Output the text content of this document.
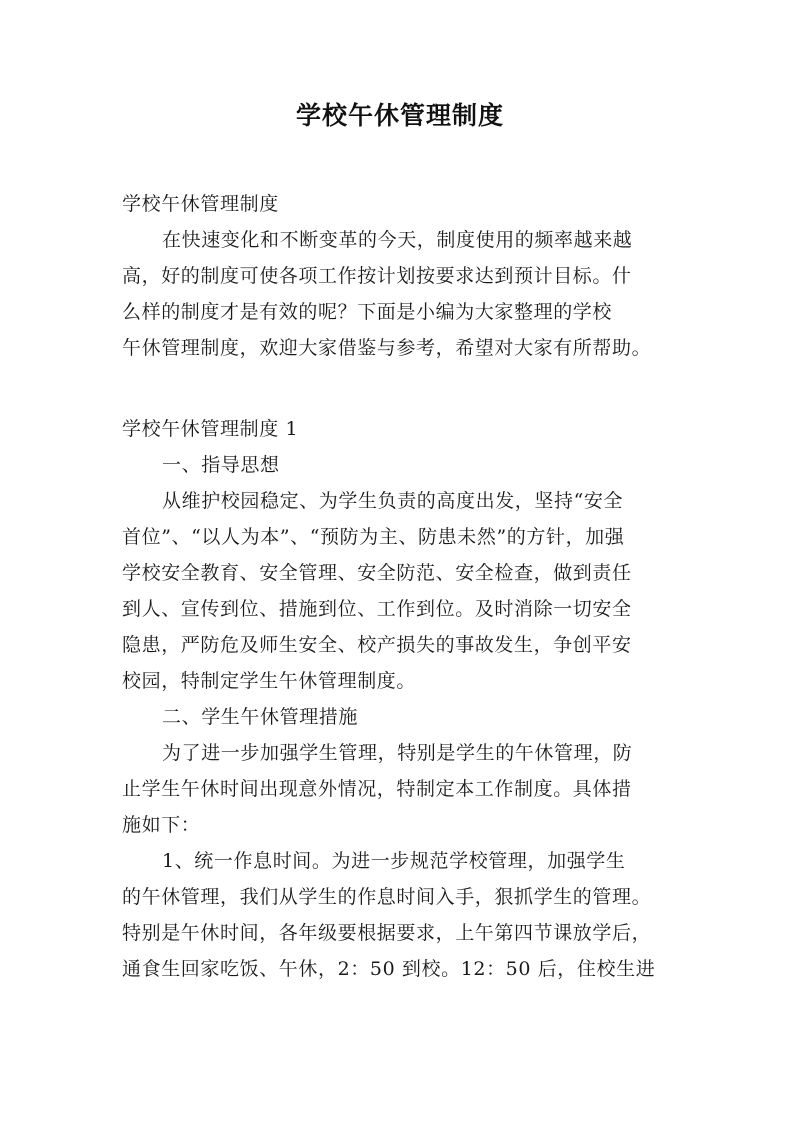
学校午休管理制度
学校午休管理制度
在快速变化和不断变革的今天，制度使用的频率越来越
高，好的制度可使各项工作按计划按要求达到预计目标。什
么样的制度才是有效的呢？下面是小编为大家整理的学校
午休管理制度，欢迎大家借鉴与参考，希望对大家有所帮助。
学校午休管理制度 1
一、指导思想
从维护校园稳定、为学生负责的高度出发，坚持“安全
首位”、“以人为本”、“预防为主、防患未然”的方针，加强
学校安全教育、安全管理、安全防范、安全检查，做到责任
到人、宣传到位、措施到位、工作到位。及时消除一切安全
隐患，严防危及师生安全、校产损失的事故发生，争创平安
校园，特制定学生午休管理制度。
二、学生午休管理措施
为了进一步加强学生管理，特别是学生的午休管理，防
止学生午休时间出现意外情况，特制定本工作制度。具体措
施如下：
1、统一作息时间。为进一步规范学校管理，加强学生
的午休管理，我们从学生的作息时间入手，狠抓学生的管理。
特别是午休时间，各年级要根据要求，上午第四节课放学后，
通食生回家吃饭、午休，2：50 到校。12：50 后，住校生进
